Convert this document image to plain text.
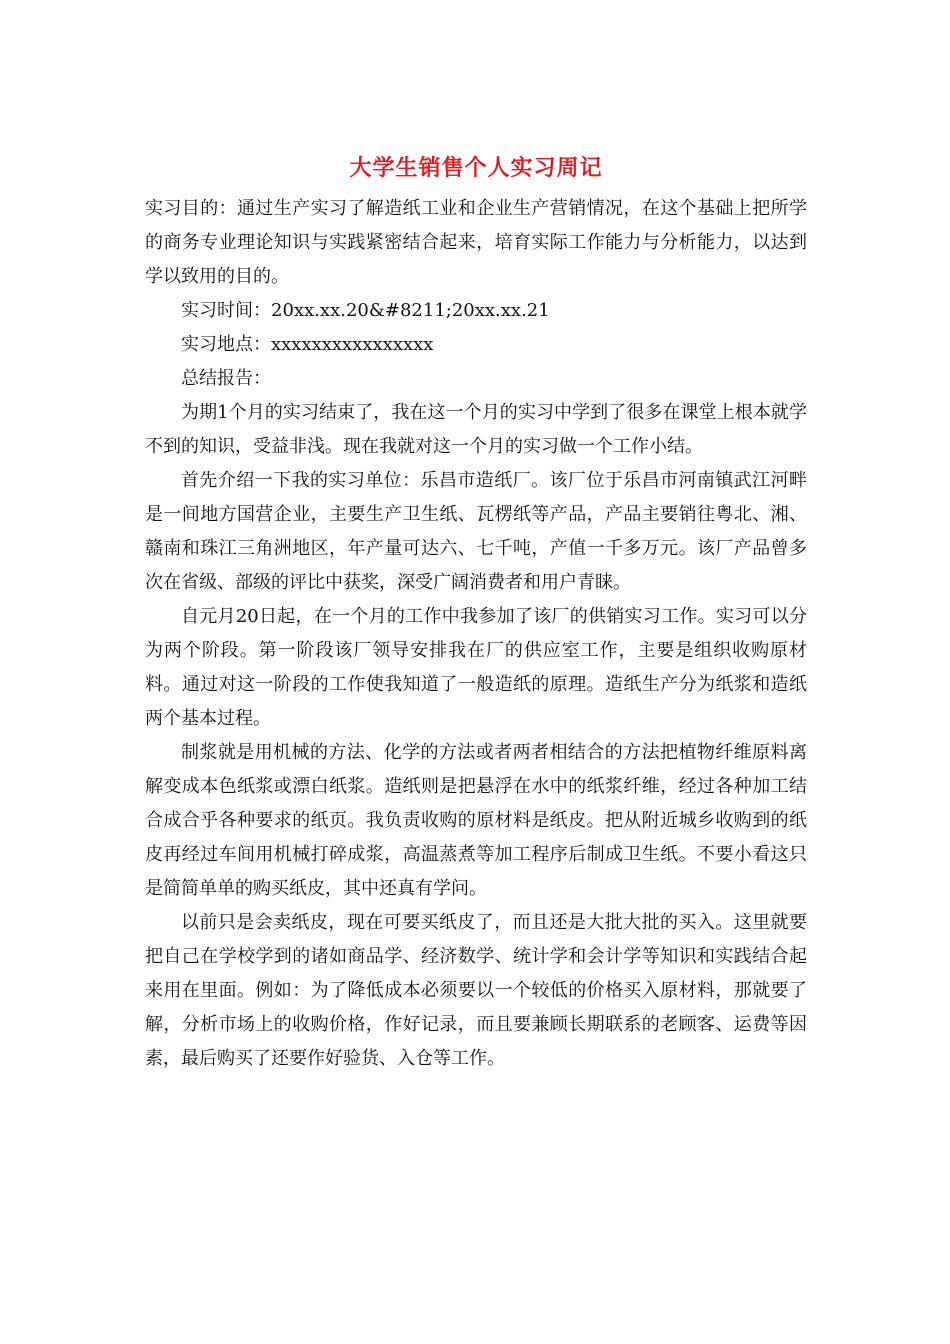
大学生销售个人实习周记

实习目的：通过生产实习了解造纸工业和企业生产营销情况，在这个基础上把所学的商务专业理论知识与实践紧密结合起来，培育实际工作能力与分析能力，以达到学以致用的目的。

实习时间：20xx.xx.20&#8211;20xx.xx.21

实习地点：xxxxxxxxxxxxxxxx

总结报告：

为期1个月的实习结束了，我在这一个月的实习中学到了很多在课堂上根本就学不到的知识，受益非浅。现在我就对这一个月的实习做一个工作小结。

首先介绍一下我的实习单位：乐昌市造纸厂。该厂位于乐昌市河南镇武江河畔是一间地方国营企业，主要生产卫生纸、瓦楞纸等产品，产品主要销往粤北、湘、赣南和珠江三角洲地区，年产量可达六、七千吨，产值一千多万元。该厂产品曾多次在省级、部级的评比中获奖，深受广阔消费者和用户青睐。

自元月20日起，在一个月的工作中我参加了该厂的供销实习工作。实习可以分为两个阶段。第一阶段该厂领导安排我在厂的供应室工作，主要是组织收购原材料。通过对这一阶段的工作使我知道了一般造纸的原理。造纸生产分为纸浆和造纸两个基本过程。

制浆就是用机械的方法、化学的方法或者两者相结合的方法把植物纤维原料离解变成本色纸浆或漂白纸浆。造纸则是把悬浮在水中的纸浆纤维，经过各种加工结合成合乎各种要求的纸页。我负责收购的原材料是纸皮。把从附近城乡收购到的纸皮再经过车间用机械打碎成浆，高温蒸煮等加工程序后制成卫生纸。不要小看这只是简简单单的购买纸皮，其中还真有学问。

以前只是会卖纸皮，现在可要买纸皮了，而且还是大批大批的买入。这里就要把自己在学校学到的诸如商品学、经济数学、统计学和会计学等知识和实践结合起来用在里面。例如：为了降低成本必须要以一个较低的价格买入原材料，那就要了解，分析市场上的收购价格，作好记录，而且要兼顾长期联系的老顾客、运费等因素，最后购买了还要作好验货、入仓等工作。
